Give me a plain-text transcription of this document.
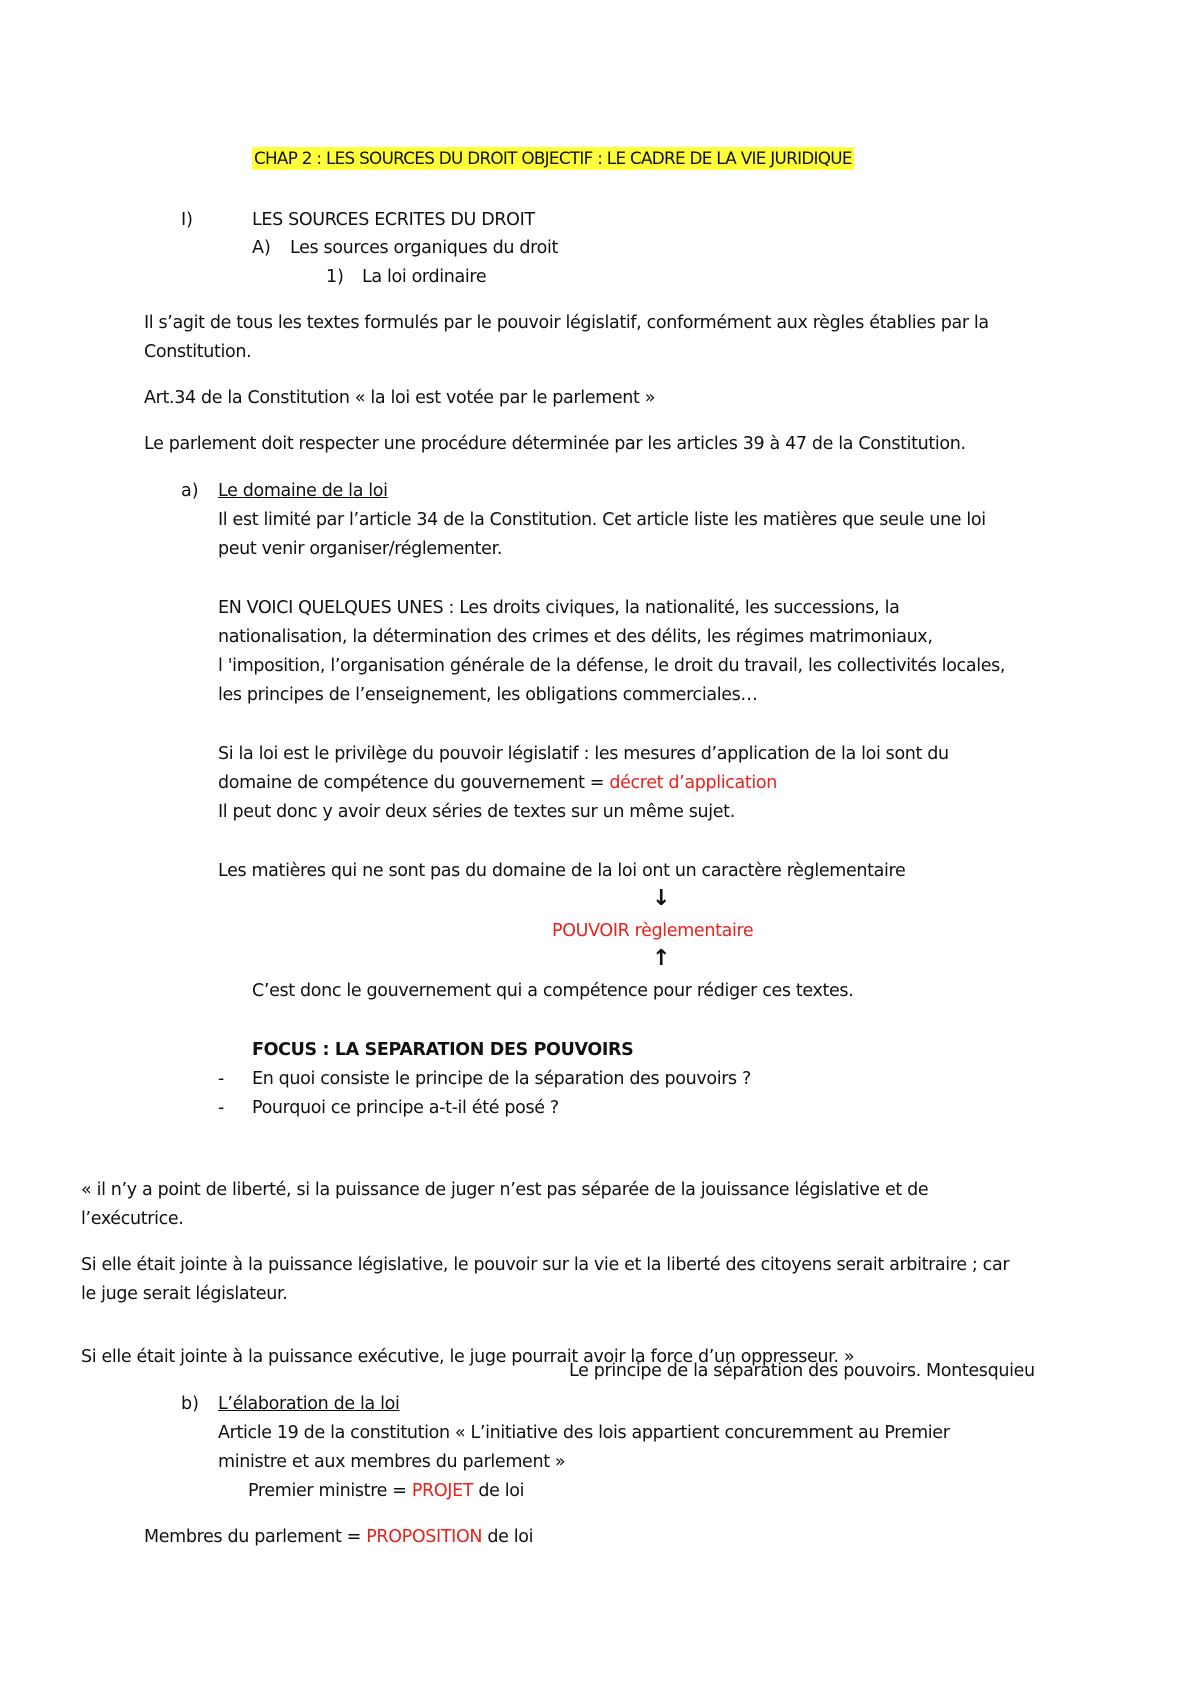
CHAP 2 : LES SOURCES DU DROIT OBJECTIF : LE CADRE DE LA VIE JURIDIQUE
I)	LES SOURCES ECRITES DU DROIT
A) Les sources organiques du droit
1) La loi ordinaire
Il s’agit de tous les textes formulés par le pouvoir législatif, conformément aux règles établies par la
Constitution.
Art.34 de la Constitution « la loi est votée par le parlement »
Le parlement doit respecter une procédure déterminée par les articles 39 à 47 de la Constitution.
a) Le domaine de la loi
Il est limité par l’article 34 de la Constitution. Cet article liste les matières que seule une loi
peut venir organiser/réglementer.
EN VOICI QUELQUES UNES : Les droits civiques, la nationalité, les successions, la
nationalisation, la détermination des crimes et des délits, les régimes matrimoniaux,
l 'imposition, l’organisation générale de la défense, le droit du travail, les collectivités locales,
les principes de l’enseignement, les obligations commerciales…
Si la loi est le privilège du pouvoir législatif : les mesures d’application de la loi sont du
domaine de compétence du gouvernement = décret d’application
Il peut donc y avoir deux séries de textes sur un même sujet.
Les matières qui ne sont pas du domaine de la loi ont un caractère règlementaire
↓
POUVOIR règlementaire
↑
C’est donc le gouvernement qui a compétence pour rédiger ces textes.
FOCUS : LA SEPARATION DES POUVOIRS
- En quoi consiste le principe de la séparation des pouvoirs ?
- Pourquoi ce principe a-t-il été posé ?
« il n’y a point de liberté, si la puissance de juger n’est pas séparée de la jouissance législative et de
l’exécutrice.
Si elle était jointe à la puissance législative, le pouvoir sur la vie et la liberté des citoyens serait arbitraire ; car
le juge serait législateur.
Si elle était jointe à la puissance exécutive, le juge pourrait avoir la force d’un oppresseur. »
Le principe de la séparation des pouvoirs. Montesquieu
b) L’élaboration de la loi
Article 19 de la constitution « L’initiative des lois appartient concuremment au Premier
ministre et aux membres du parlement »
Premier ministre = PROJET de loi
Membres du parlement = PROPOSITION de loi
